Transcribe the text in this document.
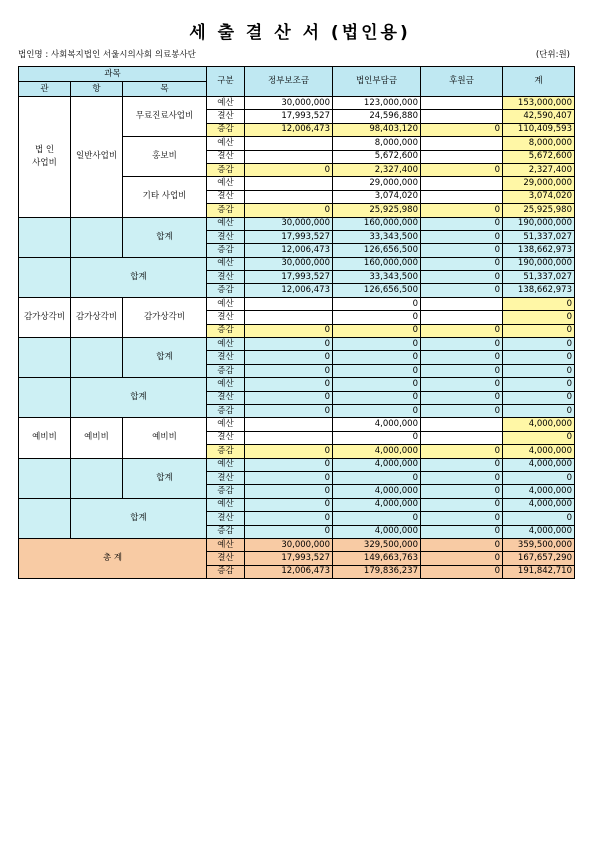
세 출 결 산 서 (법인용)
법인명 : 사회복지법인 서울시의사회 의료봉사단	(단위:원)
과목			구분	정부보조금	법인부담금	후원금	계
관	항	목					
법 인
사업비	일반사업비	무료진료사업비	예산	30,000,000	123,000,000		153,000,000
			결산	17,993,527	24,596,880		42,590,407
			증감	12,006,473	98,403,120	0	110,409,593
		홍보비	예산		8,000,000		8,000,000
			결산		5,672,600		5,672,600
			증감	0	2,327,400	0	2,327,400
		기타 사업비	예산		29,000,000		29,000,000
			결산		3,074,020		3,074,020
			증감	0	25,925,980	0	25,925,980
		합계	예산	30,000,000	160,000,000	0	190,000,000
			결산	17,993,527	33,343,500	0	51,337,027
			증감	12,006,473	126,656,500	0	138,662,973
	합계		예산	30,000,000	160,000,000	0	190,000,000
			결산	17,993,527	33,343,500	0	51,337,027
			증감	12,006,473	126,656,500	0	138,662,973
감가상각비	감가상각비	감가상각비	예산		0		0
			결산		0		0
			증감	0	0	0	0
		합계	예산	0	0	0	0
			결산	0	0	0	0
			증감	0	0	0	0
	합계		예산	0	0	0	0
			결산	0	0	0	0
			증감	0	0	0	0
예비비	예비비	예비비	예산		4,000,000		4,000,000
			결산		0		0
			증감	0	4,000,000	0	4,000,000
		합계	예산	0	4,000,000	0	4,000,000
			결산	0	0	0	0
			증감	0	4,000,000	0	4,000,000
	합계		예산	0	4,000,000	0	4,000,000
			결산	0	0	0	0
			증감	0	4,000,000	0	4,000,000
총 계			예산	30,000,000	329,500,000	0	359,500,000
			결산	17,993,527	149,663,763	0	167,657,290
			증감	12,006,473	179,836,237	0	191,842,710
